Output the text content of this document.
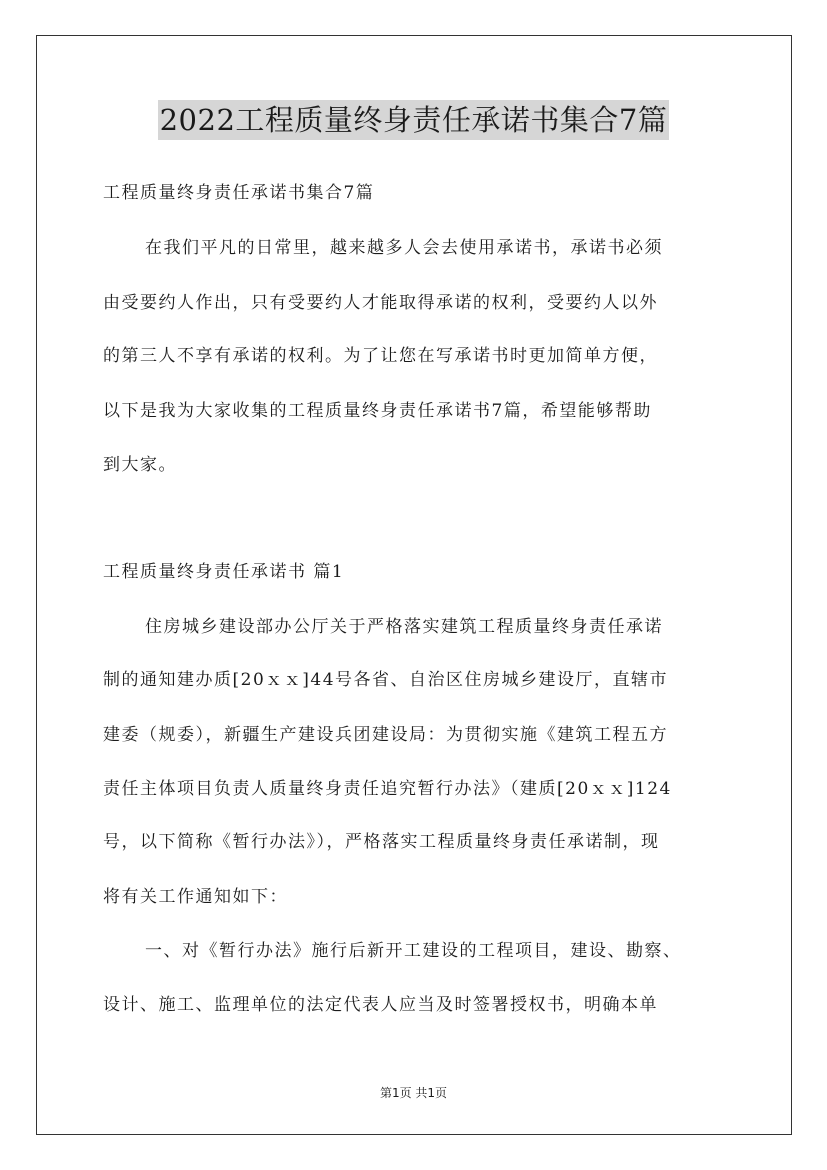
2022工程质量终身责任承诺书集合7篇
工程质量终身责任承诺书集合7篇
在我们平凡的日常里，越来越多人会去使用承诺书，承诺书必须
由受要约人作出，只有受要约人才能取得承诺的权利，受要约人以外
的第三人不享有承诺的权利。为了让您在写承诺书时更加简单方便，
以下是我为大家收集的工程质量终身责任承诺书7篇，希望能够帮助
到大家。
工程质量终身责任承诺书 篇1
住房城乡建设部办公厅关于严格落实建筑工程质量终身责任承诺
制的通知建办质[20ｘｘ]44号各省、自治区住房城乡建设厅，直辖市
建委（规委），新疆生产建设兵团建设局：为贯彻实施《建筑工程五方
责任主体项目负责人质量终身责任追究暂行办法》（建质[20ｘｘ]124
号，以下简称《暂行办法》），严格落实工程质量终身责任承诺制，现
将有关工作通知如下：
一、对《暂行办法》施行后新开工建设的工程项目，建设、勘察、
设计、施工、监理单位的法定代表人应当及时签署授权书，明确本单
第1页 共1页
